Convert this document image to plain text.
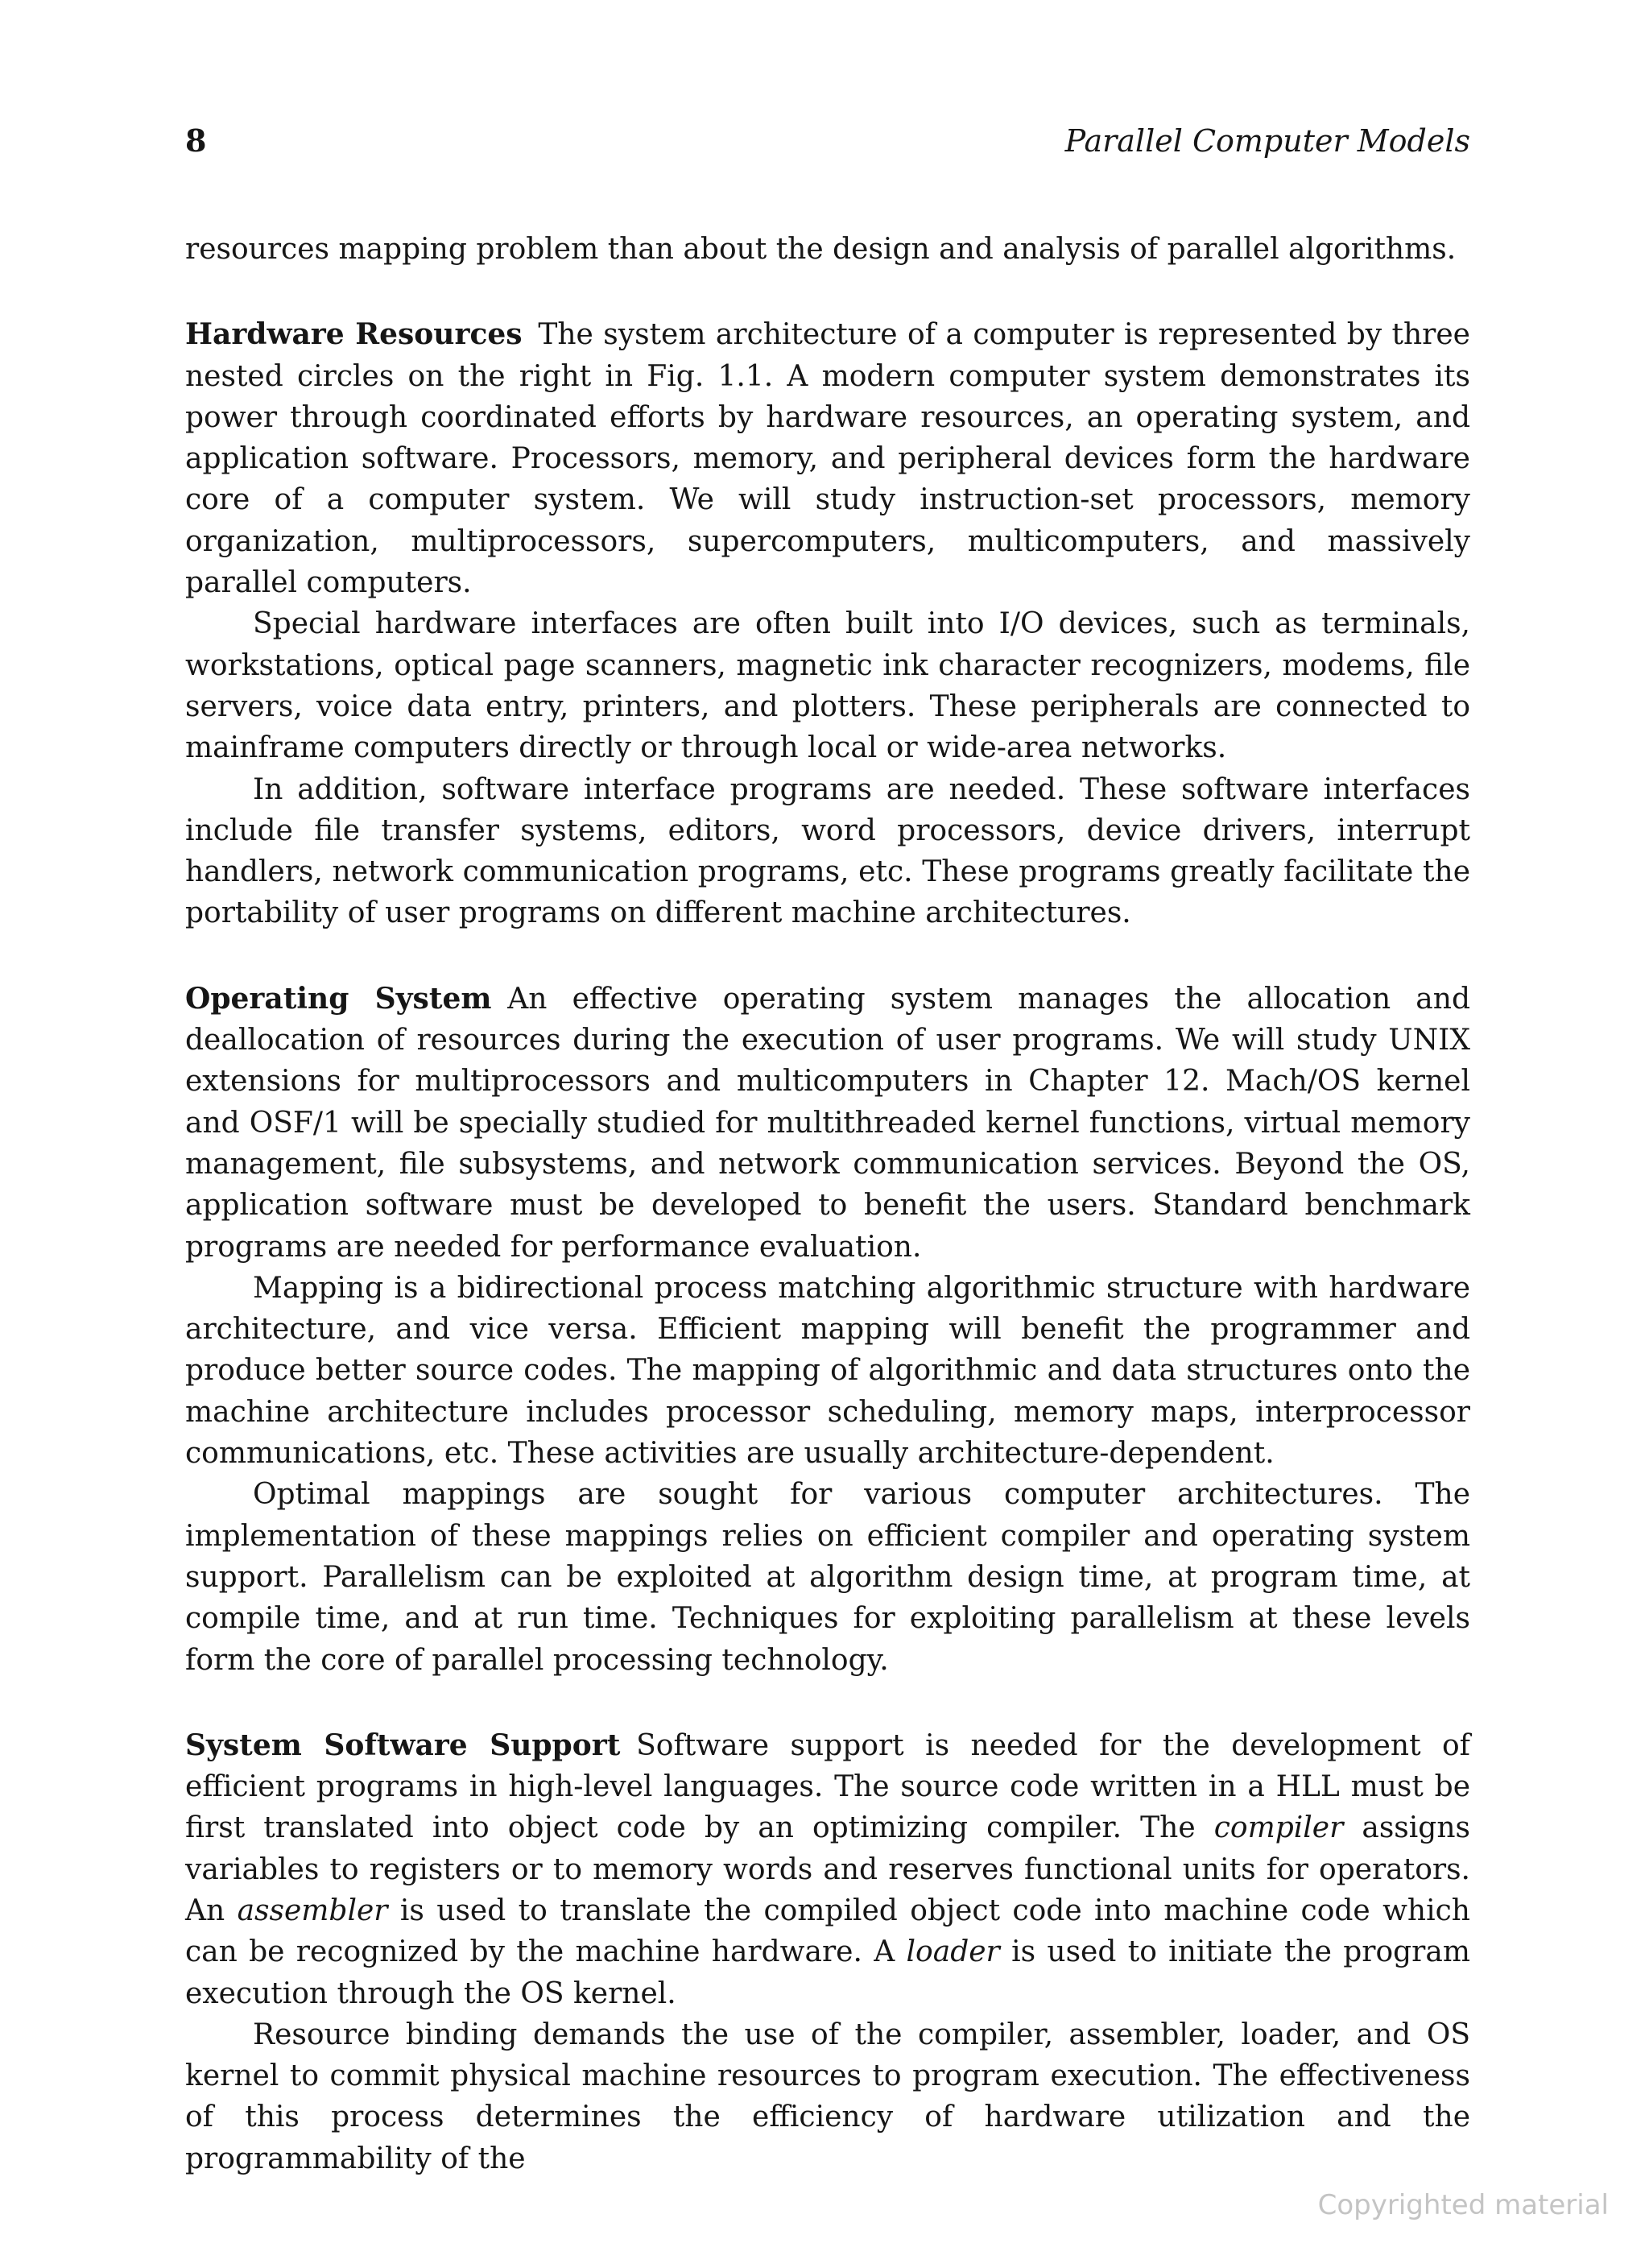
8	Parallel Computer Models

resources mapping problem than about the design and analysis of parallel algorithms.

Hardware Resources The system architecture of a computer is represented by three nested circles on the right in Fig. 1.1. A modern computer system demonstrates its power through coordinated efforts by hardware resources, an operating system, and application software. Processors, memory, and peripheral devices form the hardware core of a computer system. We will study instruction-set processors, memory organization, multiprocessors, supercomputers, multicomputers, and massively parallel computers.

Special hardware interfaces are often built into I/O devices, such as terminals, workstations, optical page scanners, magnetic ink character recognizers, modems, file servers, voice data entry, printers, and plotters. These peripherals are connected to mainframe computers directly or through local or wide-area networks.

In addition, software interface programs are needed. These software interfaces include file transfer systems, editors, word processors, device drivers, interrupt handlers, network communication programs, etc. These programs greatly facilitate the portability of user programs on different machine architectures.

Operating System An effective operating system manages the allocation and deallocation of resources during the execution of user programs. We will study UNIX extensions for multiprocessors and multicomputers in Chapter 12. Mach/OS kernel and OSF/1 will be specially studied for multithreaded kernel functions, virtual memory management, file subsystems, and network communication services. Beyond the OS, application software must be developed to benefit the users. Standard benchmark programs are needed for performance evaluation.

Mapping is a bidirectional process matching algorithmic structure with hardware architecture, and vice versa. Efficient mapping will benefit the programmer and produce better source codes. The mapping of algorithmic and data structures onto the machine architecture includes processor scheduling, memory maps, interprocessor communications, etc. These activities are usually architecture-dependent.

Optimal mappings are sought for various computer architectures. The implementation of these mappings relies on efficient compiler and operating system support. Parallelism can be exploited at algorithm design time, at program time, at compile time, and at run time. Techniques for exploiting parallelism at these levels form the core of parallel processing technology.

System Software Support Software support is needed for the development of efficient programs in high-level languages. The source code written in a HLL must be first translated into object code by an optimizing compiler. The compiler assigns variables to registers or to memory words and reserves functional units for operators. An assembler is used to translate the compiled object code into machine code which can be recognized by the machine hardware. A loader is used to initiate the program execution through the OS kernel.

Resource binding demands the use of the compiler, assembler, loader, and OS kernel to commit physical machine resources to program execution. The effectiveness of this process determines the efficiency of hardware utilization and the programmability of the

Copyrighted material
